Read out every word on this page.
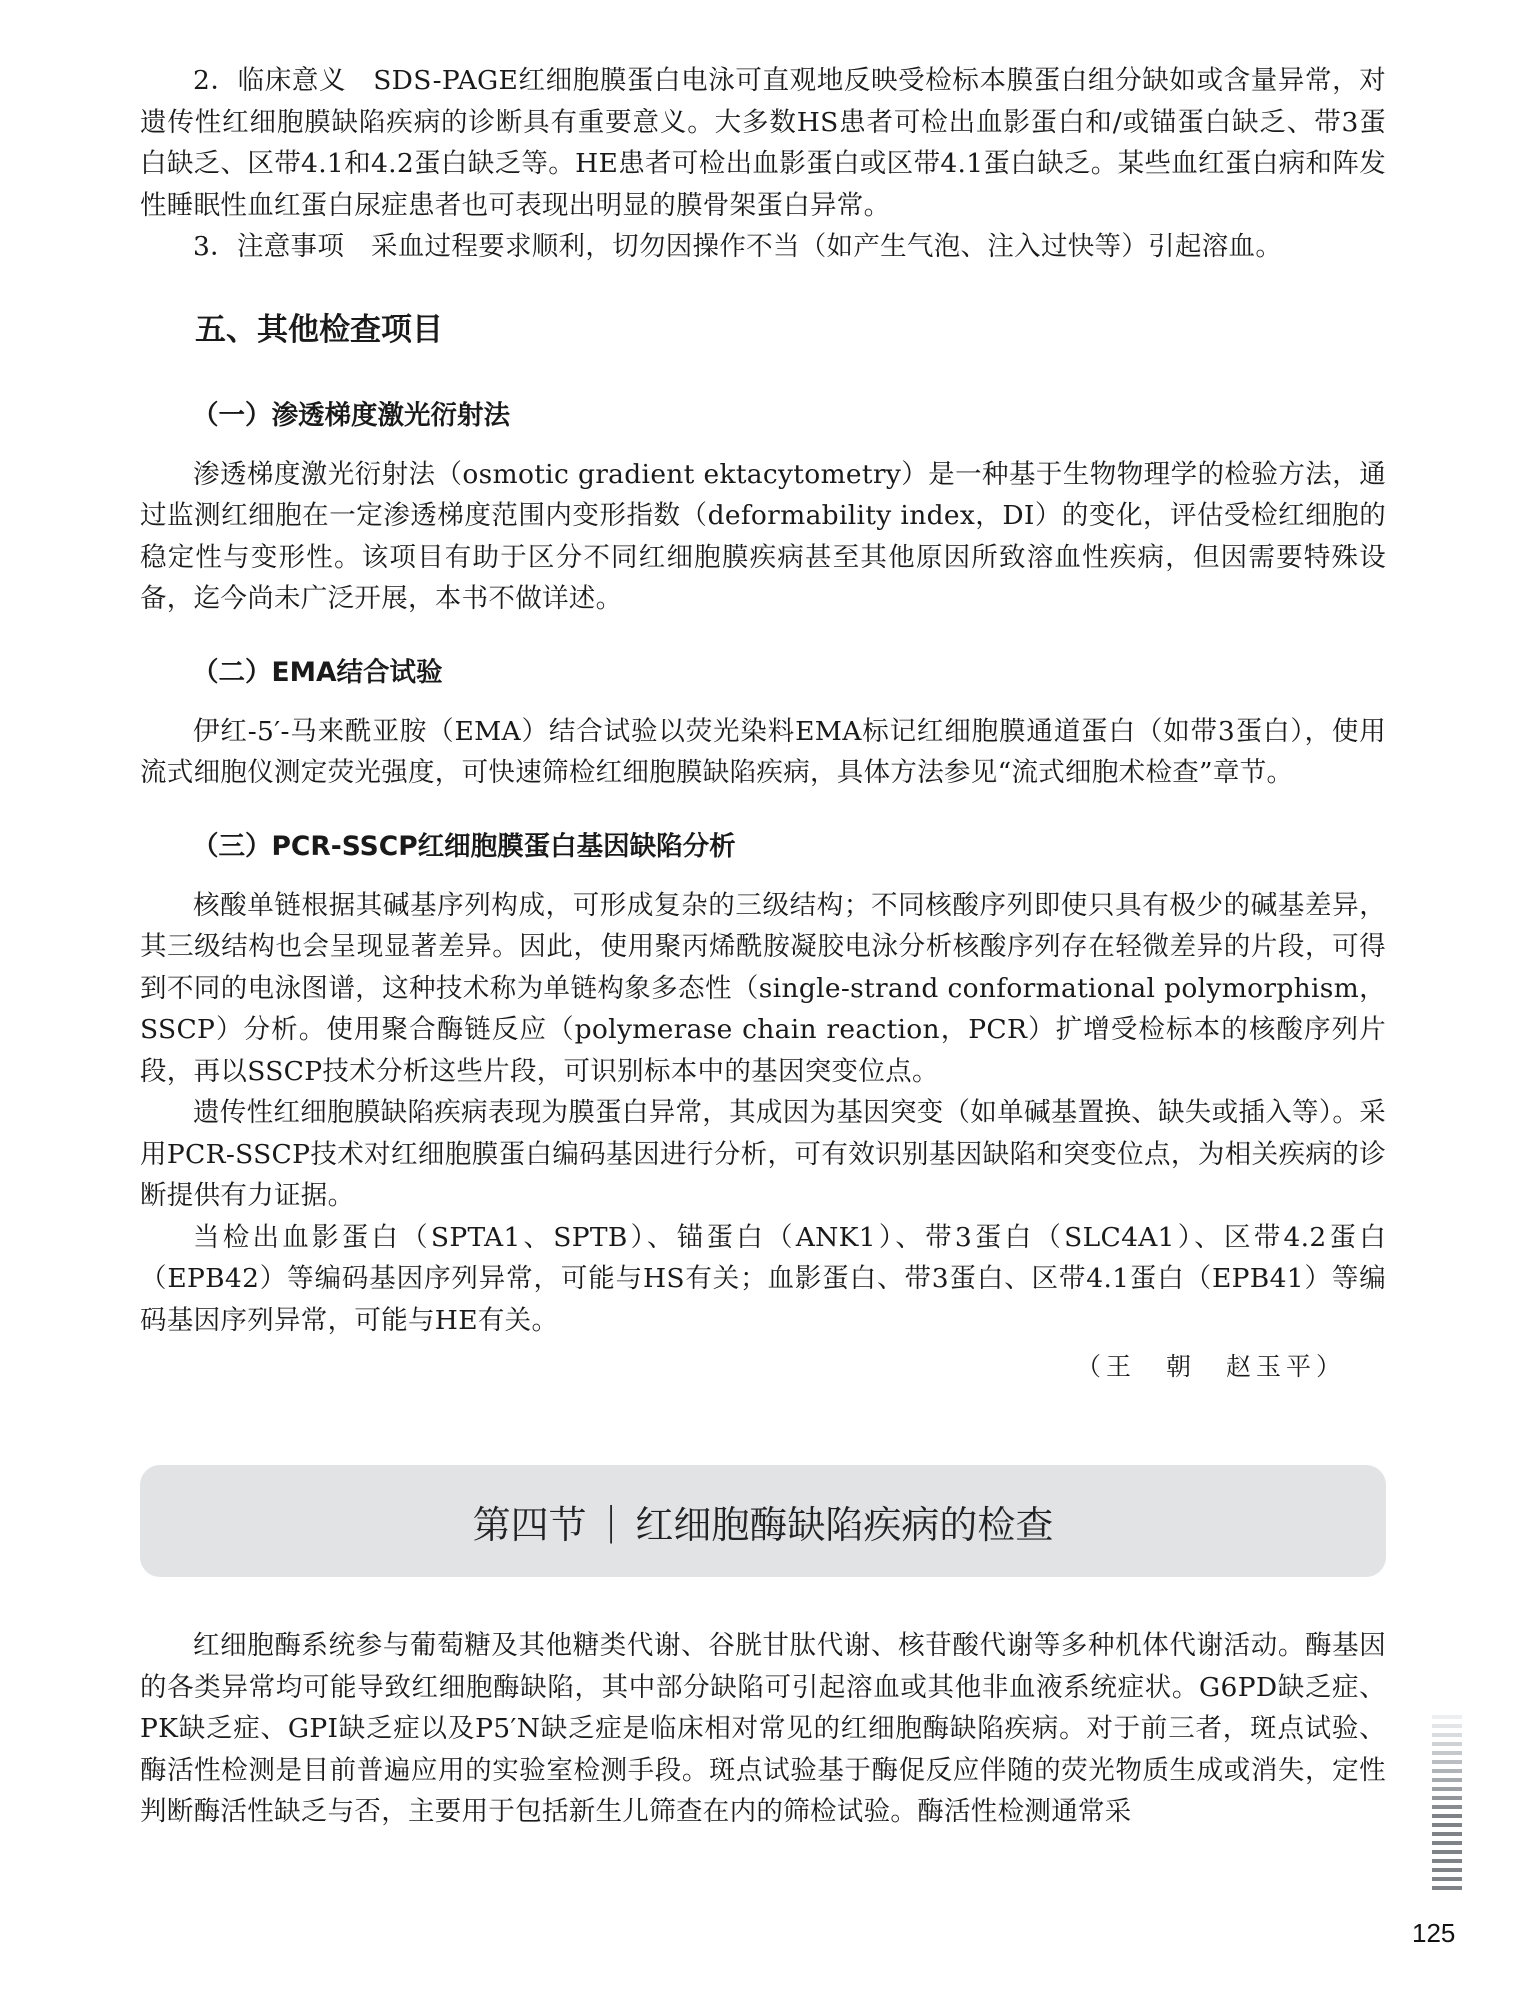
2．临床意义　SDS-PAGE红细胞膜蛋白电泳可直观地反映受检标本膜蛋白组分缺如或含量异常，对遗传性红细胞膜缺陷疾病的诊断具有重要意义。大多数HS患者可检出血影蛋白和/或锚蛋白缺乏、带3蛋白缺乏、区带4.1和4.2蛋白缺乏等。HE患者可检出血影蛋白或区带4.1蛋白缺乏。某些血红蛋白病和阵发性睡眠性血红蛋白尿症患者也可表现出明显的膜骨架蛋白异常。

3．注意事项　采血过程要求顺利，切勿因操作不当（如产生气泡、注入过快等）引起溶血。

五、其他检查项目
（一）渗透梯度激光衍射法

渗透梯度激光衍射法（osmotic gradient ektacytometry）是一种基于生物物理学的检验方法，通过监测红细胞在一定渗透梯度范围内变形指数（deformability index，DI）的变化，评估受检红细胞的稳定性与变形性。该项目有助于区分不同红细胞膜疾病甚至其他原因所致溶血性疾病，但因需要特殊设备，迄今尚未广泛开展，本书不做详述。

（二）EMA结合试验

伊红-5′-马来酰亚胺（EMA）结合试验以荧光染料EMA标记红细胞膜通道蛋白（如带3蛋白），使用流式细胞仪测定荧光强度，可快速筛检红细胞膜缺陷疾病，具体方法参见“流式细胞术检查”章节。

（三）PCR-SSCP红细胞膜蛋白基因缺陷分析

核酸单链根据其碱基序列构成，可形成复杂的三级结构；不同核酸序列即使只具有极少的碱基差异，其三级结构也会呈现显著差异。因此，使用聚丙烯酰胺凝胶电泳分析核酸序列存在轻微差异的片段，可得到不同的电泳图谱，这种技术称为单链构象多态性（single-strand conformational polymorphism，SSCP）分析。使用聚合酶链反应（polymerase chain reaction，PCR）扩增受检标本的核酸序列片段，再以SSCP技术分析这些片段，可识别标本中的基因突变位点。

遗传性红细胞膜缺陷疾病表现为膜蛋白异常，其成因为基因突变（如单碱基置换、缺失或插入等）。采用PCR-SSCP技术对红细胞膜蛋白编码基因进行分析，可有效识别基因缺陷和突变位点，为相关疾病的诊断提供有力证据。

当检出血影蛋白（SPTA1、SPTB）、锚蛋白（ANK1）、带3蛋白（SLC4A1）、区带4.2蛋白（EPB42）等编码基因序列异常，可能与HS有关；血影蛋白、带3蛋白、区带4.1蛋白（EPB41）等编码基因序列异常，可能与HE有关。

（王　朝　赵玉平）
第四节 | 红细胞酶缺陷疾病的检查

红细胞酶系统参与葡萄糖及其他糖类代谢、谷胱甘肽代谢、核苷酸代谢等多种机体代谢活动。酶基因的各类异常均可能导致红细胞酶缺陷，其中部分缺陷可引起溶血或其他非血液系统症状。G6PD缺乏症、PK缺乏症、GPI缺乏症以及P5′N缺乏症是临床相对常见的红细胞酶缺陷疾病。对于前三者，斑点试验、酶活性检测是目前普遍应用的实验室检测手段。斑点试验基于酶促反应伴随的荧光物质生成或消失，定性判断酶活性缺乏与否，主要用于包括新生儿筛查在内的筛检试验。酶活性检测通常采

125
